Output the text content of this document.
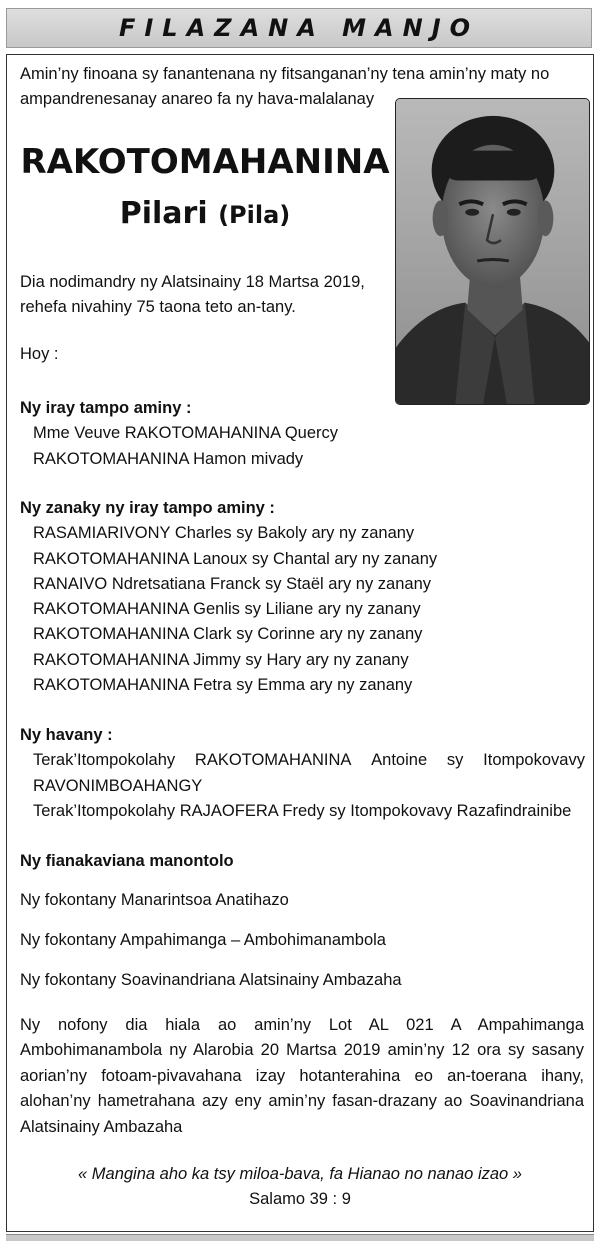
FILAZANA MANJO
Amin’ny finoana sy fanantenana ny fitsanganan’ny tena amin’ny maty no ampandrenesanay anareo fa ny hava-malalanay
RAKOTOMAHANINA
Pilari (Pila)
Dia nodimandry ny Alatsinainy 18 Martsa 2019, rehefa nivahiny 75 taona teto an-tany.
Hoy :
Ny iray tampo aminy :
Mme Veuve RAKOTOMAHANINA Quercy
RAKOTOMAHANINA Hamon mivady
Ny zanaky ny iray tampo aminy :
RASAMIARIVONY Charles sy Bakoly ary ny zanany
RAKOTOMAHANINA Lanoux sy Chantal ary ny zanany
RANAIVO Ndretsatiana Franck sy Staël ary ny zanany
RAKOTOMAHANINA Genlis sy Liliane ary ny zanany
RAKOTOMAHANINA Clark sy Corinne ary ny zanany
RAKOTOMAHANINA Jimmy sy Hary ary ny zanany
RAKOTOMAHANINA Fetra sy Emma ary ny zanany
Ny havany :
Terak’Itompokolahy RAKOTOMAHANINA Antoine sy Itompokovavy
RAVONIMBOAHANGY
Terak’Itompokolahy RAJAOFERA Fredy sy Itompokovavy Razafindrainibe
Ny fianakaviana manontolo
Ny fokontany Manarintsoa Anatihazo
Ny fokontany Ampahimanga – Ambohimanambola
Ny fokontany Soavinandriana Alatsinainy Ambazaha
Ny nofony dia hiala ao amin’ny Lot AL 021 A Ampahimanga Ambohimanambola ny Alarobia 20 Martsa 2019 amin’ny 12 ora sy sasany aorian’ny fotoam-pivavahana izay hotanterahina eo an-toerana ihany, alohan’ny hametrahana azy eny amin’ny fasan-drazany ao Soavinandriana Alatsinainy Ambazaha
« Mangina aho ka tsy miloa-bava, fa Hianao no nanao izao »
Salamo 39 : 9
